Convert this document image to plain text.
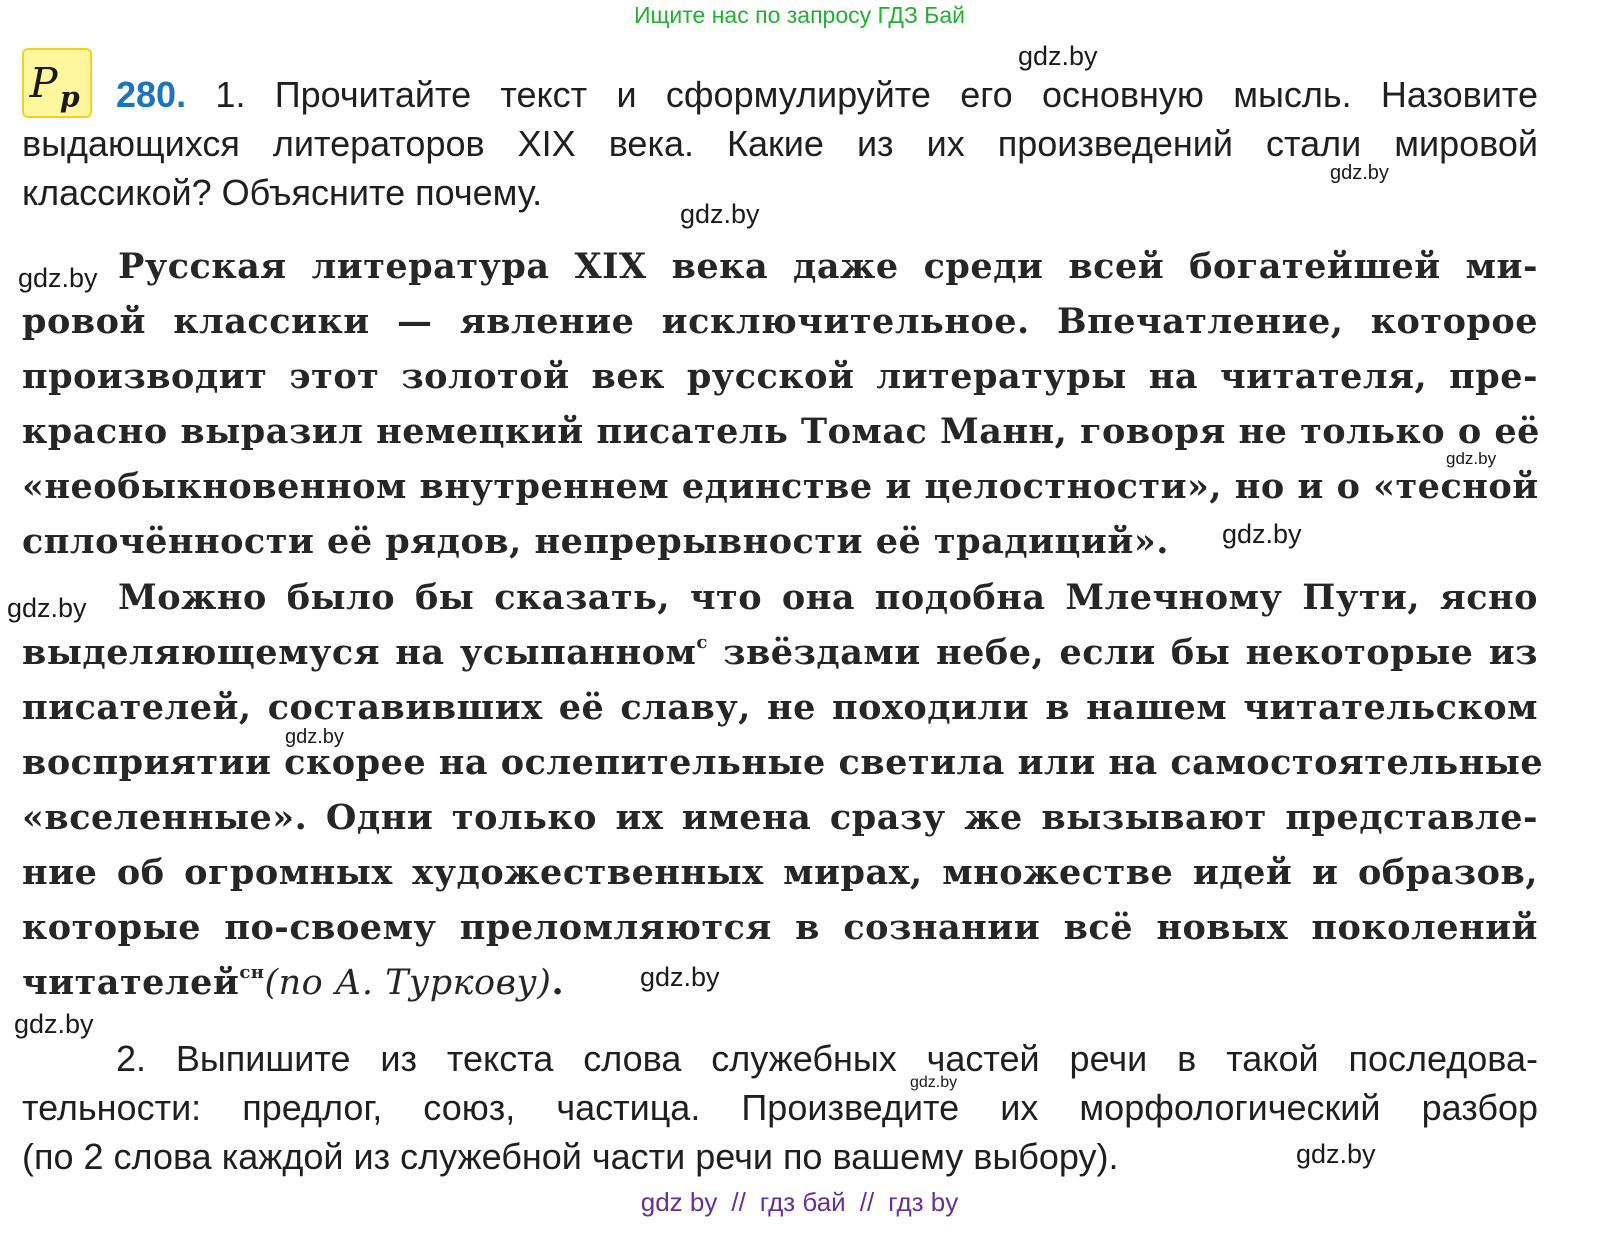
Ищите нас по запросу ГДЗ Бай
Р р 280. 1. Прочитайте текст и сформулируйте его основную мысль. Назовите
выдающихся литераторов XIX века. Какие из их произведений стали мировой
классикой? Объясните почему.
Русская литература XIX века даже среди всей богатейшей ми-
ровой классики — явление исключительное. Впечатление, которое
производит этот золотой век русской литературы на читателя, пре-
красно выразил немецкий писатель Томас Манн, говоря не только о её
«необыкновенном внутреннем единстве и целостности», но и о «тесной
сплочённости её рядов, непрерывности её традиций».
Можно было бы сказать, что она подобна Млечному Пути, ясно
выделяющемуся на усыпанном$^с$ звёздами небе, если бы некоторые из
писателей, составивших её славу, не походили в нашем читательском
восприятии скорее на ослепительные светила или на самостоятельные
«вселенные». Одни только их имена сразу же вызывают представле-
ние об огромных художественных мирах, множестве идей и образов,
которые по-своему преломляются в сознании всё новых поколений
читателей$^{сн}$(по А. Туркову).
2. Выпишите из текста слова служебных частей речи в такой последова-
тельности: предлог, союз, частица. Произведите их морфологический разбор
(по 2 слова каждой из служебной части речи по вашему выбору).
gdz.by
gdz.by
gdz.by
gdz.by
gdz.by
gdz.by
gdz.by
gdz.by
gdz.by
gdz.by
gdz.by
gdz.by
gdz by // гдз бай // гдз by
